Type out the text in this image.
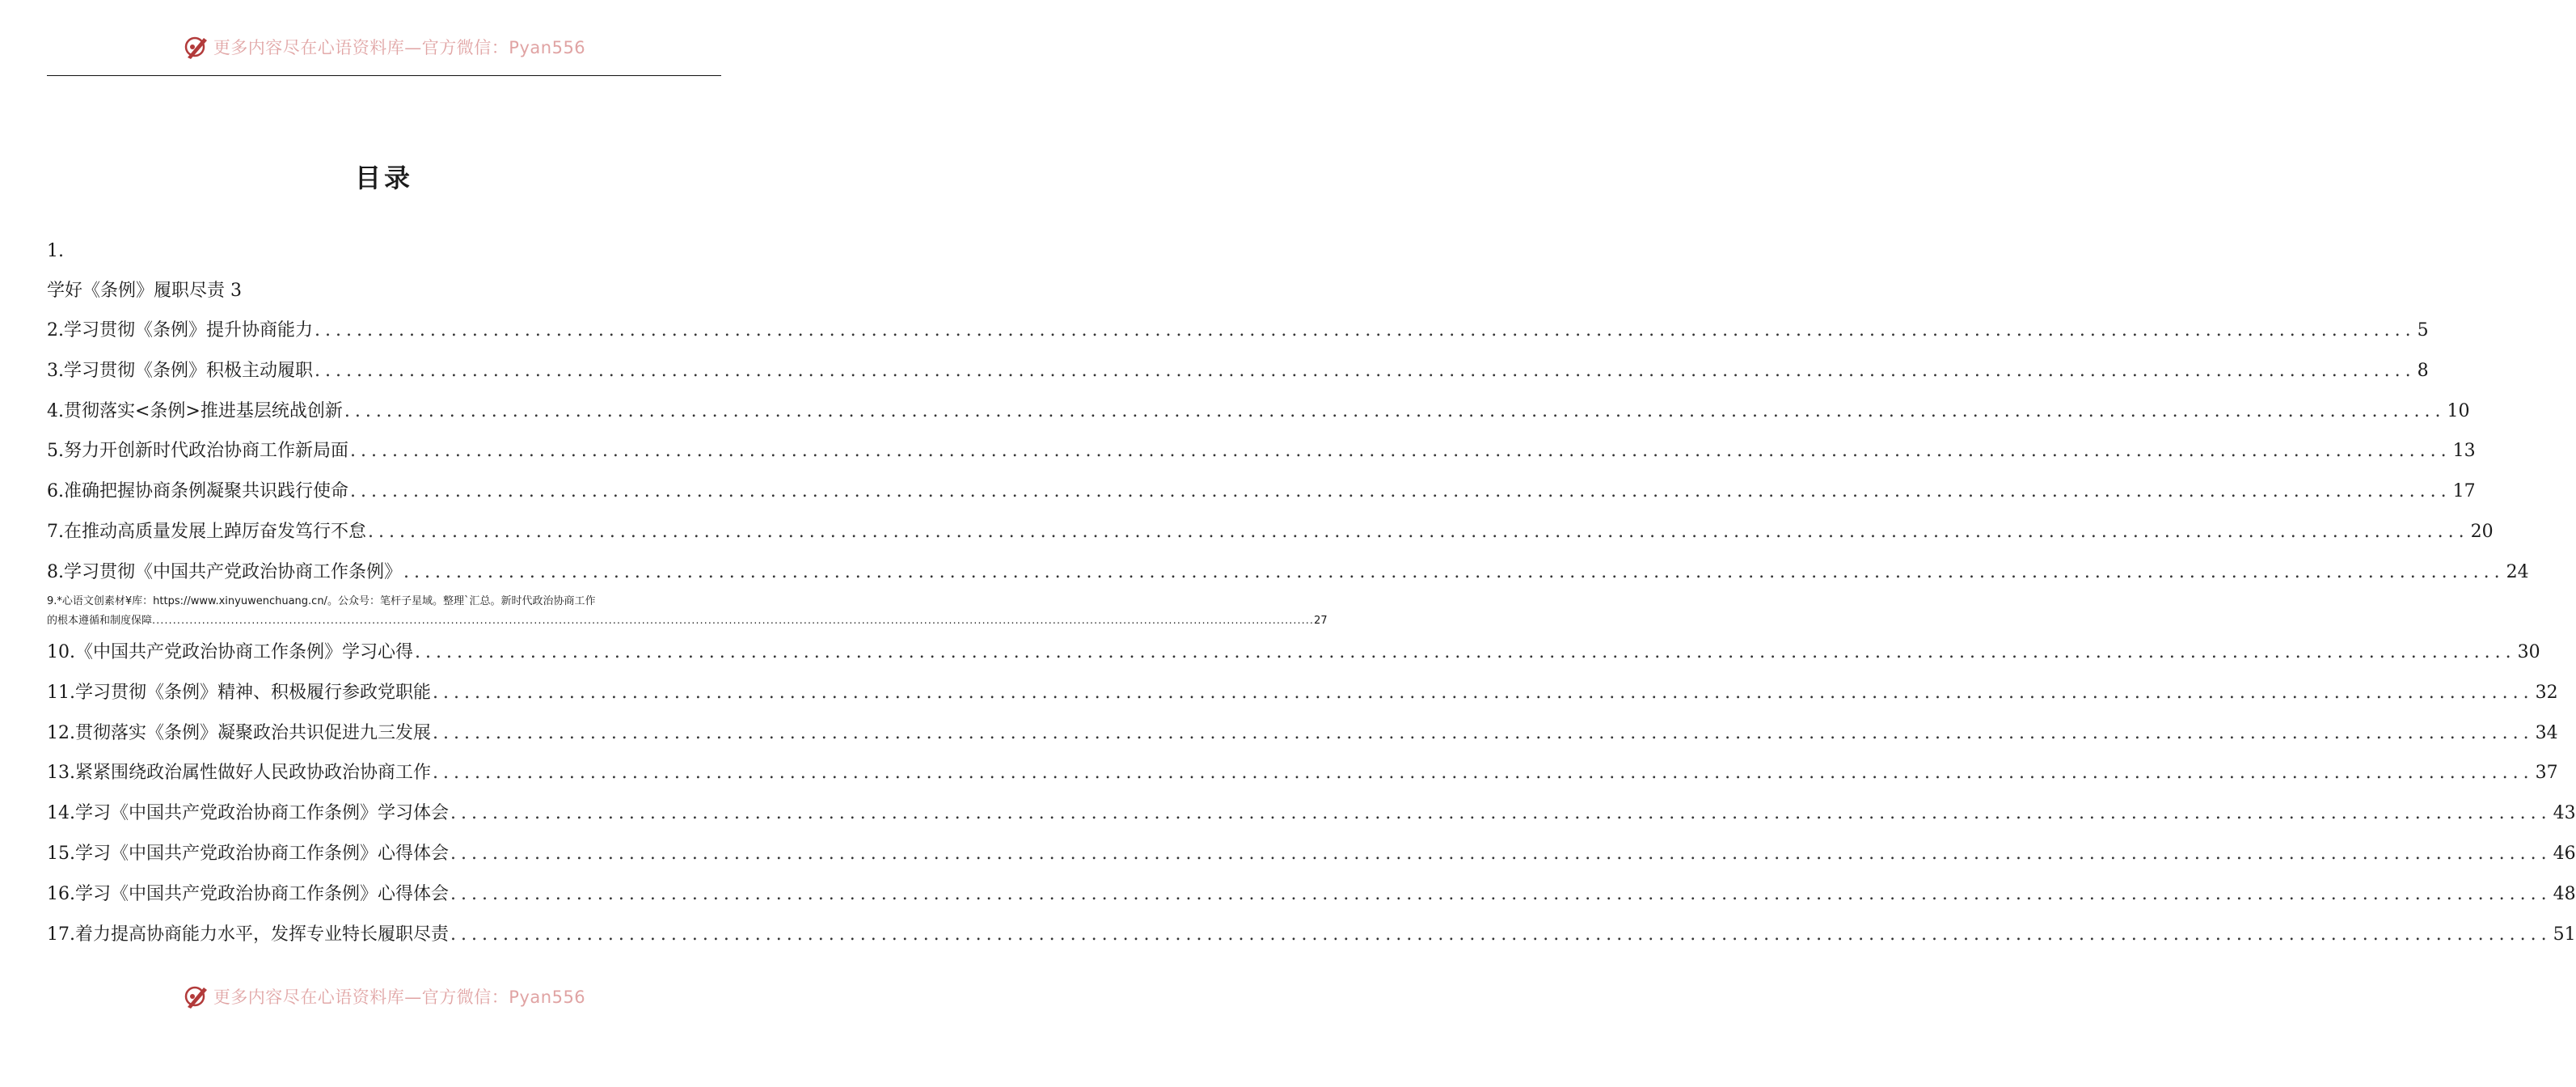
更多内容尽在心语资料库—官方微信：Pyan556
目录
1.
学好《条例》履职尽责 3
2.学习贯彻《条例》提升协商能力 ........................................................................................................................................................................................................ 5
3.学习贯彻《条例》积极主动履职 ........................................................................................................................................................................................................ 8
4.贯彻落实<条例>推进基层统战创新 ........................................................................................................................................................................................................ 10
5.努力开创新时代政治协商工作新局面 ........................................................................................................................................................................................................ 13
6.准确把握协商条例凝聚共识践行使命 ........................................................................................................................................................................................................ 17
7.在推动高质量发展上踔厉奋发笃行不怠 ........................................................................................................................................................................................................ 20
8.学习贯彻《中国共产党政治协商工作条例》 ........................................................................................................................................................................................................ 24
9.*心语文创素材¥库：https://www.xinyuwenchuang.cn/。公众号：笔杆子星域。整理`汇总。新时代政治协商工作
的根本遵循和制度保障 ........................................................................................................................................................................................................................................................................................ 27
10.《中国共产党政治协商工作条例》学习心得 ........................................................................................................................................................................................................ 30
11.学习贯彻《条例》精神、积极履行参政党职能 ........................................................................................................................................................................................................ 32
12.贯彻落实《条例》凝聚政治共识促进九三发展 ........................................................................................................................................................................................................ 34
13.紧紧围绕政治属性做好人民政协政治协商工作 ........................................................................................................................................................................................................ 37
14.学习《中国共产党政治协商工作条例》学习体会 ........................................................................................................................................................................................................ 43
15.学习《中国共产党政治协商工作条例》心得体会 ........................................................................................................................................................................................................ 46
16.学习《中国共产党政治协商工作条例》心得体会 ........................................................................................................................................................................................................ 48
17.着力提高协商能力水平，发挥专业特长履职尽责 ........................................................................................................................................................................................................ 51
更多内容尽在心语资料库—官方微信：Pyan556
